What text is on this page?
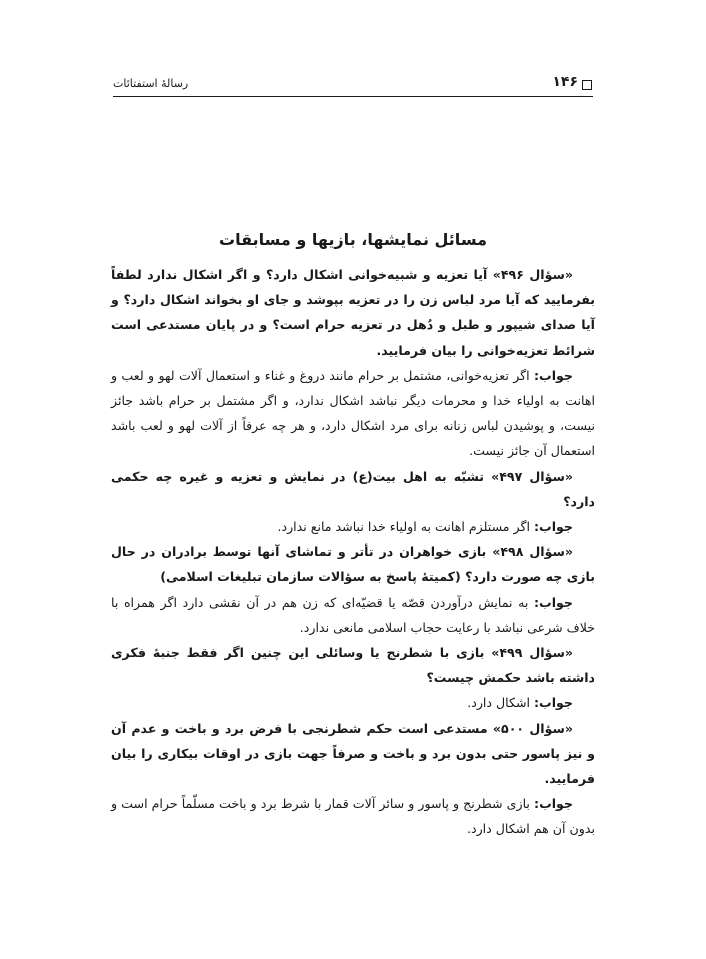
۱۴۶
رسالهٔ استفتائات
مسائل نمایشها، بازیها و مسابقات

«سؤال ۴۹۶» آیا تعزیه و شبیه‌خوانی اشکال دارد؟ و اگر اشکال ندارد لطفاً بفرمایید که آیا مرد لباس زن را در تعزیه بپوشد و جای او بخواند اشکال دارد؟ و آیا صدای شیپور و طبل و دُهل در تعزیه حرام است؟ و در پایان مستدعی است شرائط تعزیه‌خوانی را بیان فرمایید.

جواب: اگر تعزیه‌خوانی، مشتمل بر حرام مانند دروغ و غناء و استعمال آلات لهو و لعب و اهانت به اولیاء خدا و محرمات دیگر نباشد اشکال ندارد، و اگر مشتمل بر حرام باشد جائز نیست، و پوشیدن لباس زنانه برای مرد اشکال دارد، و هر چه عرفاً از آلات لهو و لعب باشد استعمال آن جائز نیست.

«سؤال ۴۹۷» تشبّه به اهل بیت(ع) در نمایش و تعزیه و غیره چه حکمی دارد؟

جواب: اگر مستلزم اهانت به اولیاء خدا نباشد مانع ندارد.

«سؤال ۴۹۸» بازی خواهران در تأتر و تماشای آنها توسط برادران در حال بازی چه صورت دارد؟ (کمیتهٔ پاسخ به سؤالات سازمان تبلیغات اسلامی)

جواب: به نمایش درآوردن قصّه یا قضیّه‌ای که زن هم در آن نقشی دارد اگر همراه با خلاف شرعی نباشد با رعایت حجاب اسلامی مانعی ندارد.

«سؤال ۴۹۹» بازی با شطرنج یا وسائلی این چنین اگر فقط جنبهٔ فکری داشته باشد حکمش چیست؟

جواب: اشکال دارد.

«سؤال ۵۰۰» مستدعی است حکم شطرنجی با فرض برد و باخت و عدم آن و نیز پاسور حتی بدون برد و باخت و صرفاً جهت بازی در اوقات بیکاری را بیان فرمایید.

جواب: بازی شطرنج و پاسور و سائر آلات قمار با شرط برد و باخت مسلّماً حرام است و بدون آن هم اشکال دارد.
